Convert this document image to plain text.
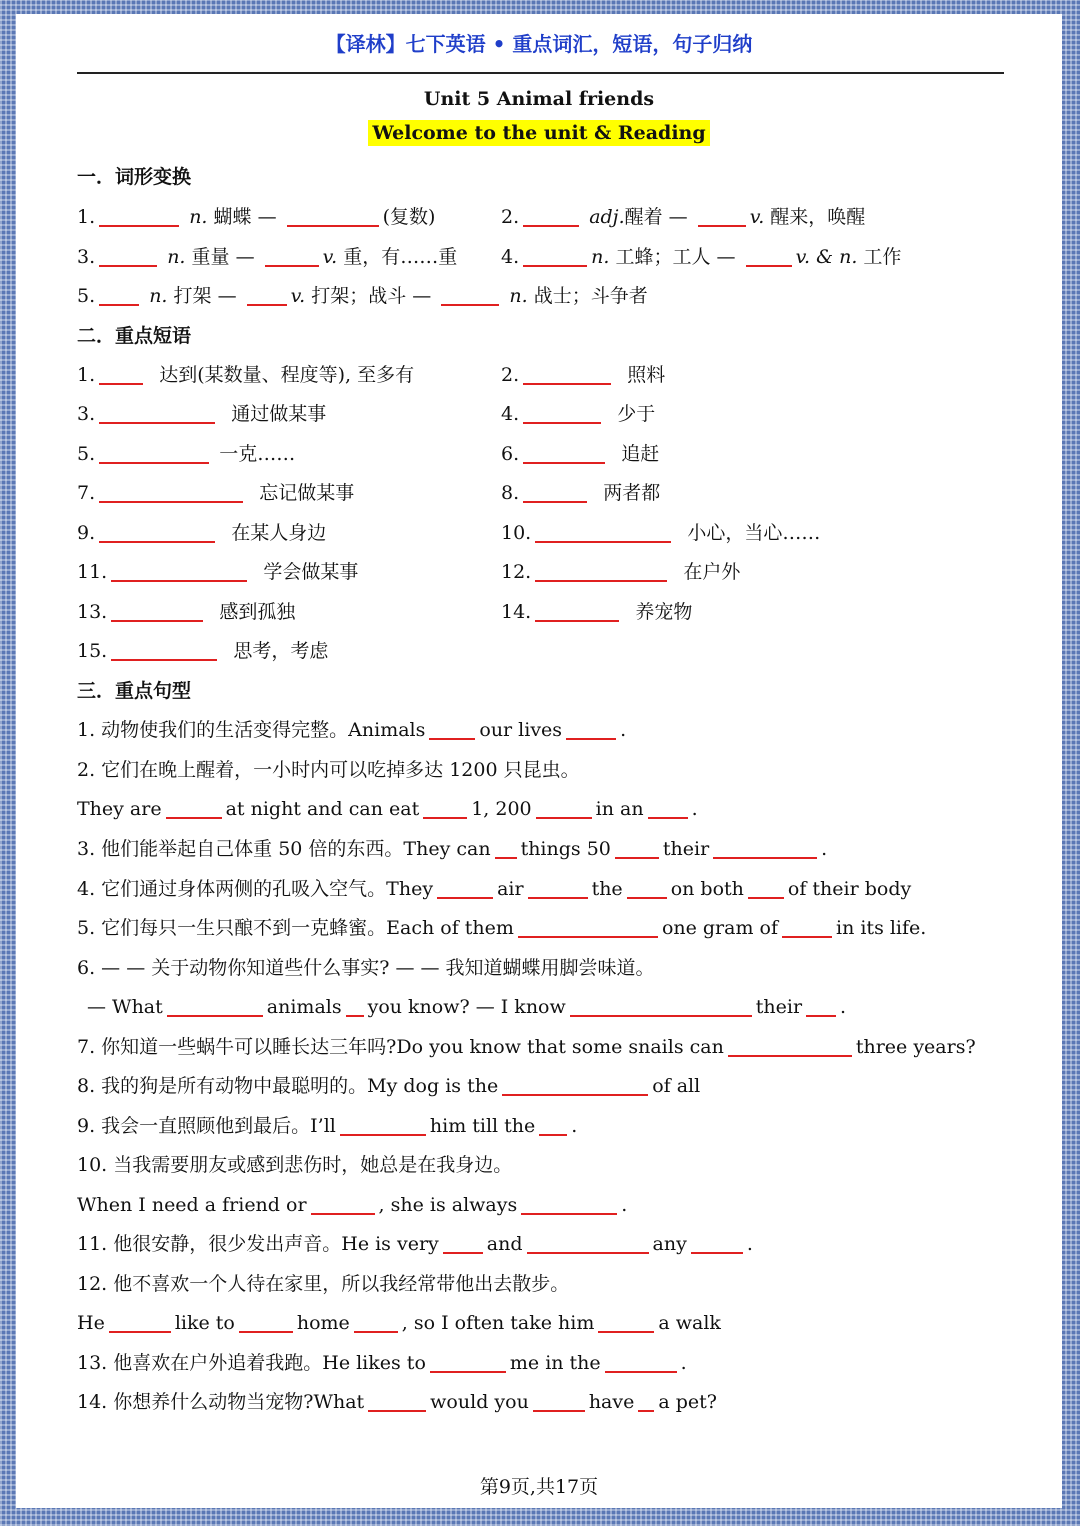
【译林】七下英语 • 重点词汇，短语，句子归纳
Unit 5 Animal friends
Welcome to the unit & Reading
一．词形变换
1.	n. 蝴蝶 —	(复数)	2.	adj.醒着 —	v. 醒来，唤醒
3.	n. 重量 —	v. 重，有……重 4.	n. 工蜂；工人 —	v. & n. 工作
5.	n. 打架 —	v. 打架；战斗 —	n. 战士；斗争者
二．重点短语
1.	达到(某数量、程度等), 至多有	2.	照料
3.	通过做某事	4.	少于
5.	一克……	6.	追赶
7.	忘记做某事	8.	两者都
9.	在某人身边	10.	小心，当心……
11.	学会做某事	12.	在户外
13.	感到孤独	14.	养宠物
15.	思考，考虑
三．重点句型
1. 动物使我们的生活变得完整。Animals	our lives	.
2. 它们在晚上醒着，一小时内可以吃掉多达 1200 只昆虫。
They are	at night and can eat	1, 200	in an	.
3. 他们能举起自己体重 50 倍的东西。They can things 50	their	.
4. 它们通过身体两侧的孔吸入空气。They	air	the	on both of their body
5. 它们每只一生只酿不到一克蜂蜜。Each of them	one gram of	in its life.
6. — — 关于动物你知道些什么事实? — — 我知道蝴蝶用脚尝味道。
— What	animals you know? — I know	their .
7. 你知道一些蜗牛可以睡长达三年吗?Do you know that some snails can	three years?
8. 我的狗是所有动物中最聪明的。My dog is the	of all
9. 我会一直照顾他到最后。I’ll	him till the .
10. 当我需要朋友或感到悲伤时，她总是在我身边。
When I need a friend or	, she is always	.
11. 他很安静，很少发出声音。He is very	and	any	.
12. 他不喜欢一个人待在家里，所以我经常带他出去散步。
He	like to	home	, so I often take him	a walk
13. 他喜欢在户外追着我跑。He likes to	me in the	.
14. 你想养什么动物当宠物?What	would you	have a pet?
第9页,共17页
